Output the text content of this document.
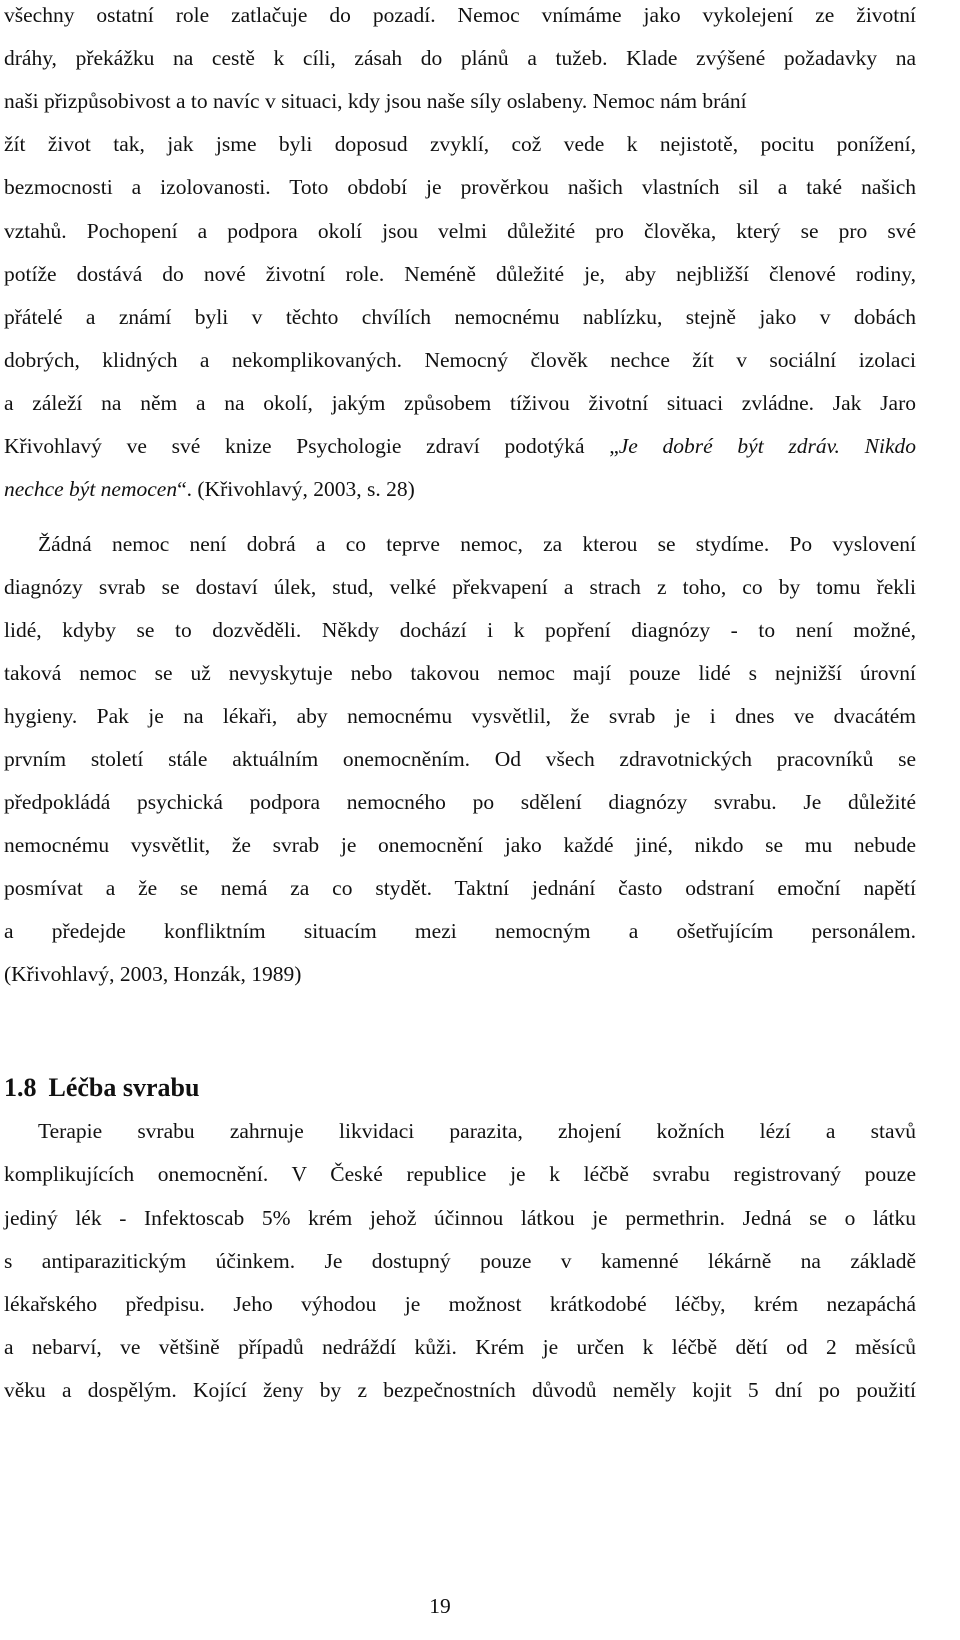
všechny ostatní role zatlačuje do pozadí. Nemoc vnímáme jako vykolejení ze životní
dráhy, překážku na cestě k cíli, zásah do plánů a tužeb. Klade zvýšené požadavky na
naši přizpůsobivost a to navíc v situaci, kdy jsou naše síly oslabeny. Nemoc nám brání
žít život tak, jak jsme byli doposud zvyklí, což vede k nejistotě, pocitu ponížení,
bezmocnosti a izolovanosti. Toto období je prověrkou našich vlastních sil a také našich
vztahů. Pochopení a podpora okolí jsou velmi důležité pro člověka, který se pro své
potíže dostává do nové životní role. Neméně důležité je, aby nejbližší členové rodiny,
přátelé a známí byli v těchto chvílích nemocnému nablízku, stejně jako v dobách
dobrých, klidných a nekomplikovaných. Nemocný člověk nechce žít v sociální izolaci
a záleží na něm a na okolí, jakým způsobem tíživou životní situaci zvládne. Jak Jaro
Křivohlavý ve své knize Psychologie zdraví podotýká „Je dobré být zdráv. Nikdo
nechce být nemocen“. (Křivohlavý, 2003, s. 28)
Žádná nemoc není dobrá a co teprve nemoc, za kterou se stydíme. Po vyslovení
diagnózy svrab se dostaví úlek, stud, velké překvapení a strach z toho, co by tomu řekli
lidé, kdyby se to dozvěděli. Někdy dochází i k popření diagnózy - to není možné,
taková nemoc se už nevyskytuje nebo takovou nemoc mají pouze lidé s nejnižší úrovní
hygieny. Pak je na lékaři, aby nemocnému vysvětlil, že svrab je i dnes ve dvacátém
prvním století stále aktuálním onemocněním. Od všech zdravotnických pracovníků se
předpokládá psychická podpora nemocného po sdělení diagnózy svrabu. Je důležité
nemocnému vysvětlit, že svrab je onemocnění jako každé jiné, nikdo se mu nebude
posmívat a že se nemá za co stydět. Taktní jednání často odstraní emoční napětí
a předejde konfliktním situacím mezi nemocným a ošetřujícím personálem.
(Křivohlavý, 2003, Honzák, 1989)
1.8 Léčba svrabu
Terapie svrabu zahrnuje likvidaci parazita, zhojení kožních lézí a stavů
komplikujících onemocnění. V České republice je k léčbě svrabu registrovaný pouze
jediný lék - Infektoscab 5% krém jehož účinnou látkou je permethrin. Jedná se o látku
s antiparazitickým účinkem. Je dostupný pouze v kamenné lékárně na základě
lékařského předpisu. Jeho výhodou je možnost krátkodobé léčby, krém nezapáchá
a nebarví, ve většině případů nedráždí kůži. Krém je určen k léčbě dětí od 2 měsíců
věku a dospělým. Kojící ženy by z bezpečnostních důvodů neměly kojit 5 dní po použití
19
